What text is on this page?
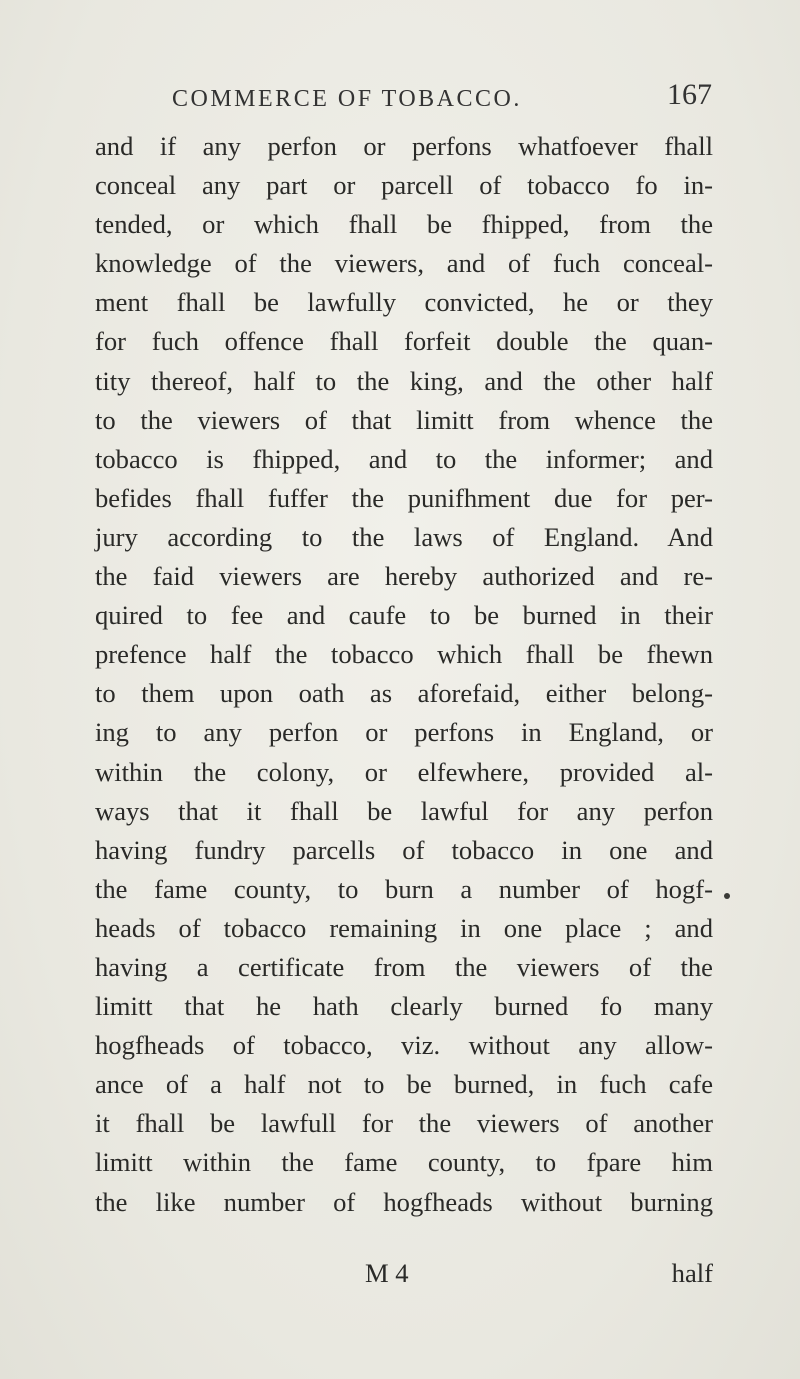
COMMERCE OF TOBACCO.	167
and if any perfon or perfons whatfoever fhall
conceal any part or parcell of tobacco fo in-
tended, or which fhall be fhipped, from the
knowledge of the viewers, and of fuch conceal-
ment fhall be lawfully convicted, he or they
for fuch offence fhall forfeit double the quan-
tity thereof, half to the king, and the other half
to the viewers of that limitt from whence the
tobacco is fhipped, and to the informer; and
befides fhall fuffer the punifhment due for per-
jury according to the laws of England. And
the faid viewers are hereby authorized and re-
quired to fee and caufe to be burned in their
prefence half the tobacco which fhall be fhewn
to them upon oath as aforefaid, either belong-
ing to any perfon or perfons in England, or
within the colony, or elfewhere, provided al-
ways that it fhall be lawful for any perfon
having fundry parcells of tobacco in one and
the fame county, to burn a number of hogf-
heads of tobacco remaining in one place ; and
having a certificate from the viewers of the
limitt that he hath clearly burned fo many
hogfheads of tobacco, viz. without any allow-
ance of a half not to be burned, in fuch cafe
it fhall be lawfull for the viewers of another
limitt within the fame county, to fpare him
the like number of hogfheads without burning
M 4	half
